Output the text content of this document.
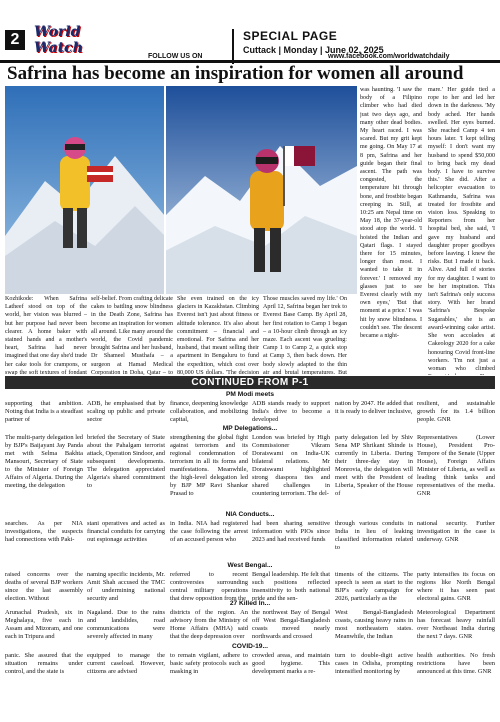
2	World Watch
SPECIAL PAGE
Cuttack | Monday | June 02, 2025
FOLLOW US ON	www.facebook.com/worldwatchdaily
Safrina has become an inspiration for women all around
Kozhikode: When Safrina Latheef stood on top of the world, her vision was blurred – but her purpose had never been clearer. A home baker with stained hands and a mother's heart, Safrina had never imagined that one day she'd trade her cake tools for crampons, or swap the soft textures of fondant
self-belief. From crafting delicate cakes to battling snow blindness in the Death Zone, Safrina has become an inspiration for women all around. Like many around the world, the Covid pandemic brought Safrina and her husband, Dr Shameel Musthafa – a surgeon at Hamad Medical Corporation in Doha, Qatar – to
She even trained on the icy glaciers in Kazakhstan. Climbing Everest isn't just about fitness or altitude tolerance. It's also about commitment – financial and emotional. For Safrina and her husband, that meant selling their apartment in Bengaluru to fund the expedition, which cost over 80,000 US dollars. 'The decision
Those muscles saved my life.' On April 12, Safrina began her trek to Everest Base Camp. By April 28, her first rotation to Camp 1 began – a 10-hour climb through an icy maze. Each ascent was grueling: Camp 1 to Camp 2, a quick stop at Camp 3, then back down. Her body slowly adapted to the thin air and brutal temperatures. But
was haunting. 'I saw the body of a Filipino climber who had died just two days ago, and many other dead bodies. My heart raced. I was scared. But my grit kept me going. On May 17 at 8 pm, Safrina and her guide began their final ascent. The path was congested, the temperature hit through bone, and frostbite began creeping in. Still, at 10:25 am Nepal time on May 18, the 37-year-old stood atop the world. 'I hoisted the Indian and Qatari flags. I stayed there for 15 minutes, longer than most. I wanted to take it in forever.' I removed my glasses just to see Everest clearly with my own eyes,' 'But that moment at a price.' I was hit by snow blindness. I couldn't see. The descent became a night-
mare.' Her guide tied a rope to her and led her down in the darkness. 'My body ached. Her hands swelled. Her eyes burned. She reached Camp 4 ten hours later. 'I kept telling myself: I don't want my husband to spend $50,000 to bring back my dead body. I have to survive this.' She did. After a helicopter evacuation to Kathmandu, Safrina was treated for frostbite and vision loss. Speaking to Reporters from her hospital bed, she said, 'I gave my husband and daughter proper goodbyes before leaving. I knew the risks. But I made it back. Alive. And full of stories for my daughter. I want to be her inspiration. This isn't Safrina's only success story. With her brand 'Safrina's Bespoke Sugarables,' she is an award-winning cake artist. She won accolades at Cakeology 2020 for a cake honouring Covid front-line workers. 'I'm not just a woman who climbed
CONTINUED FROM P-1
PM Modi meets
supporting that ambition. Noting that India is a steadfast partner of
ADB, he emphasised that by scaling up public and private sector
finance, deepening knowledge collaboration, and mobilizing capital,
ADB stands ready to support India's drive to become a developed
nation by 2047. He added that it is ready to deliver inclusive,
resilient, and sustainable growth for its 1.4 billion people. GNR
MP Delegations...
The multi-party delegation led by BJP's Baijayant Jay Panda met with Selma Bakhta Mansouri, Secretary of State to the Minister of Foreign Affairs of Algeria. During the meeting, the delegation
briefed the Secretary of State about the Pahalgam terrorist attack, Operation Sindoor, and subsequent developments. The delegation appreciated Algeria's shared commitment to
strengthening the global fight against terrorism and its regional condemnation of terrorism in all its forms and manifestations. Meanwhile, the high-level delegation led by BJP MP Ravi Shankar Prasad to
London was briefed by High Commissioner Vikram Doraiswami on India-UK bilateral relations. Mr Doraiswami highlighted strong diaspora ties and shared challenges in countering terrorism. The del-
party delegation led by Shiv Sena MP Shrikant Shinde is currently in Liberia. During their three-day stay in Monrovia, the delegation will meet with the President of Liberia, Speaker of the House of
Representatives (Lower House), President Pro-Tempore of the Senate (Upper House), Foreign Affairs Minister of Liberia, as well as leading think tanks and representatives of the media. GNR
NIA Conducts...
searches. As per NIA investigations, the suspects had connections with Paki-
stani operatives and acted as financial conduits for carrying out espionage activities
in India. NIA had registered the case following the arrest of an accused person who
had been sharing sensitive information with PIOs since 2023 and had received funds
through various conduits in India in lieu of leaking classified information related to
national security. Further investigation in the case is underway. GNR
West Bengal...
raised concerns over the deaths of several BJP workers since the last assembly election. Without
naming specific incidents, Mr. Amit Shah accused the TMC of undermining national security and
referred to recent controversies surrounding central military operations that drew opposition from the
Bengal leadership. He felt that such positions reflected insensitivity to both national pride and the sen-
timents of the citizens. The speech is seen as start to the BJP's early campaign for 2026, particularly as the
party intensifies its focus on regions like North Bengal where it has seen past electoral gains. GNR
27 Killed In...
Arunachal Pradesh, six in Meghalaya, five each in Assam and Mizoram, and one each in Tripura and
Nagaland. Due to the rains and landslides, road communications were severely affected in many
districts of the region. An advisory from the Ministry of Home Affairs (MHA) said that the deep depression over
the northwest Bay of Bengal off West Bengal-Bangladesh coasts moved nearly northwards and crossed
West Bengal-Bangladesh coasts, causing heavy rains in most northeastern states. Meanwhile, the Indian
Meteorological Department has forecast heavy rainfall over Northeast India during the next 7 days. GNR
COVID-19...
panic. She assured that the situation remains under control, and the state is
equipped to manage the current caseload. However, citizens are advised
to remain vigilant, adhere to basic safety protocols such as masking in
crowded areas, and maintain good hygiene. This development marks a re-
turn to double-digit active cases in Odisha, prompting intensified monitoring by
health authorities. No fresh restrictions have been announced at this time. GNR
